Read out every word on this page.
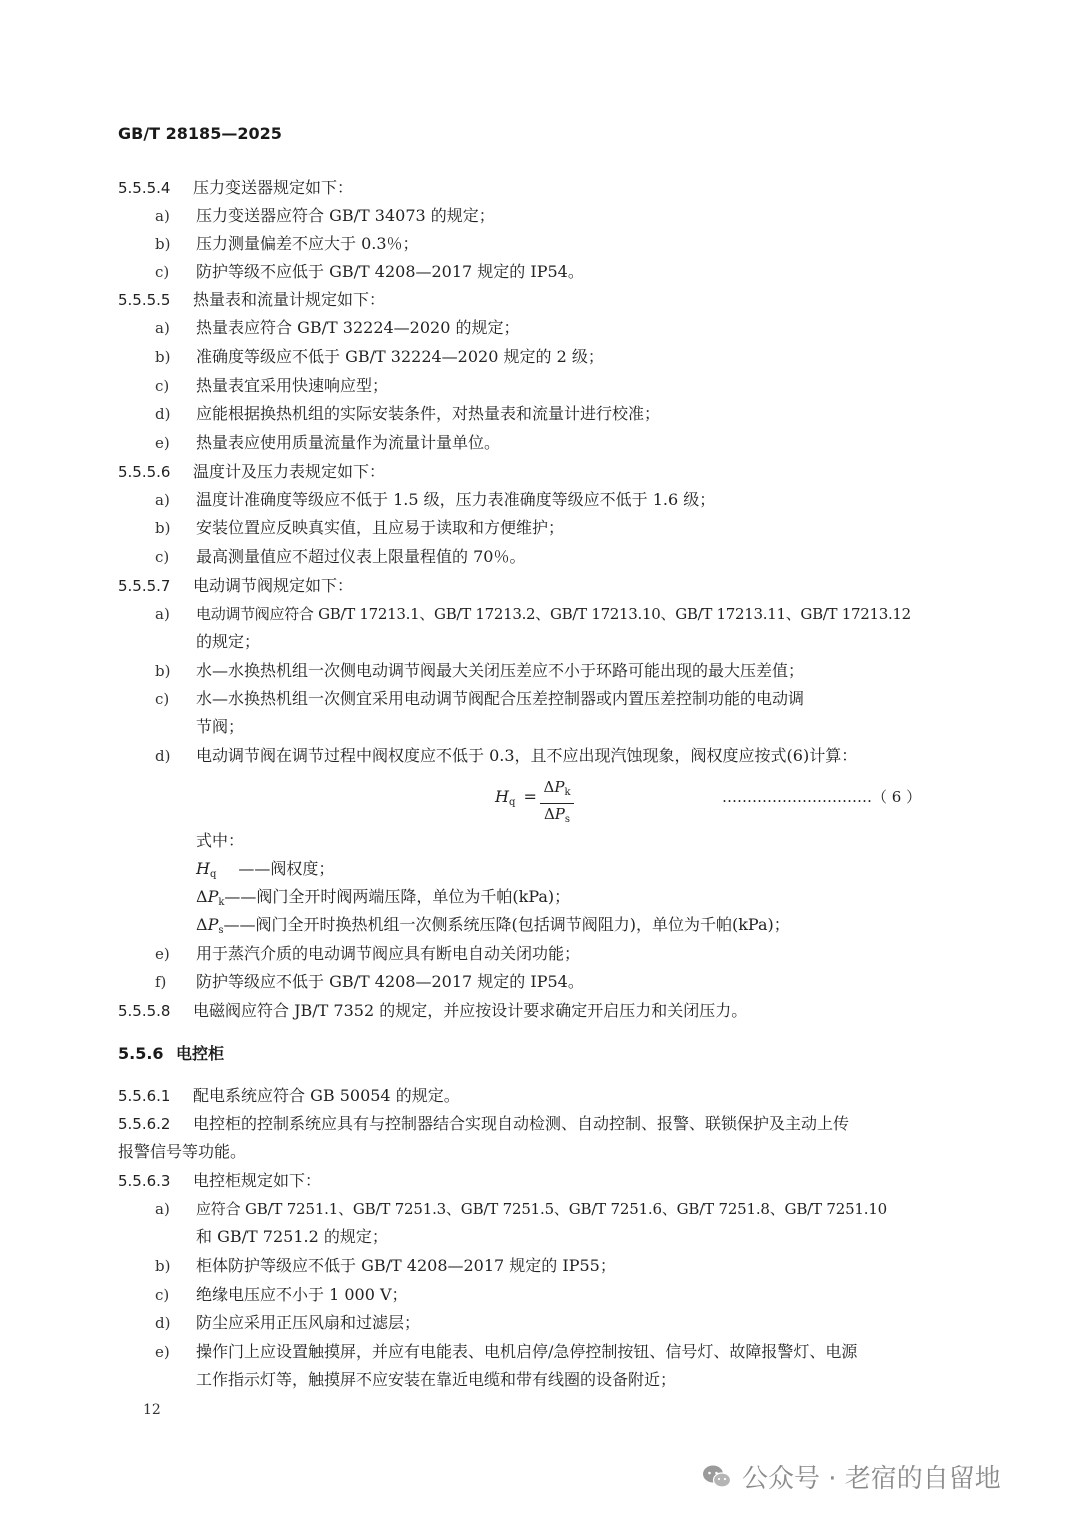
GB/T 28185—2025
5.5.5.4 压力变送器规定如下：
a) 压力变送器应符合 GB/T 34073 的规定；
b) 压力测量偏差不应大于 0.3％；
c) 防护等级不应低于 GB/T 4208—2017 规定的 IP54。
5.5.5.5 热量表和流量计规定如下：
a) 热量表应符合 GB/T 32224—2020 的规定；
b) 准确度等级应不低于 GB/T 32224—2020 规定的 2 级；
c) 热量表宜采用快速响应型；
d) 应能根据换热机组的实际安装条件，对热量表和流量计进行校准；
e) 热量表应使用质量流量作为流量计量单位。
5.5.5.6 温度计及压力表规定如下：
a) 温度计准确度等级应不低于 1.5 级，压力表准确度等级应不低于 1.6 级；
b) 安装位置应反映真实值，且应易于读取和方便维护；
c) 最高测量值应不超过仪表上限量程值的 70％。
5.5.5.7 电动调节阀规定如下：
a) 电动调节阀应符合 GB/T 17213.1、GB/T 17213.2、GB/T 17213.10、GB/T 17213.11、GB/T 17213.12
的规定；
b) 水—水换热机组一次侧电动调节阀最大关闭压差应不小于环路可能出现的最大压差值；
c) 水—水换热机组一次侧宜采用电动调节阀配合压差控制器或内置压差控制功能的电动调
节阀；
d) 电动调节阀在调节过程中阀权度应不低于 0.3，且不应出现汽蚀现象，阀权度应按式(6)计算：
$H_q = \Delta P_k$
$\Delta P_s$
…………………………（ 6 ）
式中：
$H_q$ ——阀权度；
$\Delta P_k——$阀门全开时阀两端压降，单位为千帕(kPa)；
$\Delta P_s——$阀门全开时换热机组一次侧系统压降(包括调节阀阻力)，单位为千帕(kPa)；
e) 用于蒸汽介质的电动调节阀应具有断电自动关闭功能；
f) 防护等级应不低于 GB/T 4208—2017 规定的 IP54。
5.5.5.8 电磁阀应符合 JB/T 7352 的规定，并应按设计要求确定开启压力和关闭压力。
5.5.6 电控柜
5.5.6.1 配电系统应符合 GB 50054 的规定。
5.5.6.2 电控柜的控制系统应具有与控制器结合实现自动检测、自动控制、报警、联锁保护及主动上传
报警信号等功能。
5.5.6.3 电控柜规定如下：
a) 应符合 GB/T 7251.1、GB/T 7251.3、GB/T 7251.5、GB/T 7251.6、GB/T 7251.8、GB/T 7251.10
和 GB/T 7251.2 的规定；
b) 柜体防护等级应不低于 GB/T 4208—2017 规定的 IP55；
c) 绝缘电压应不小于 1 000 V；
d) 防尘应采用正压风扇和过滤层；
e) 操作门上应设置触摸屏，并应有电能表、电机启停/急停控制按钮、信号灯、故障报警灯、电源
工作指示灯等，触摸屏不应安装在靠近电缆和带有线圈的设备附近；
12
公众号 · 老宿的自留地
